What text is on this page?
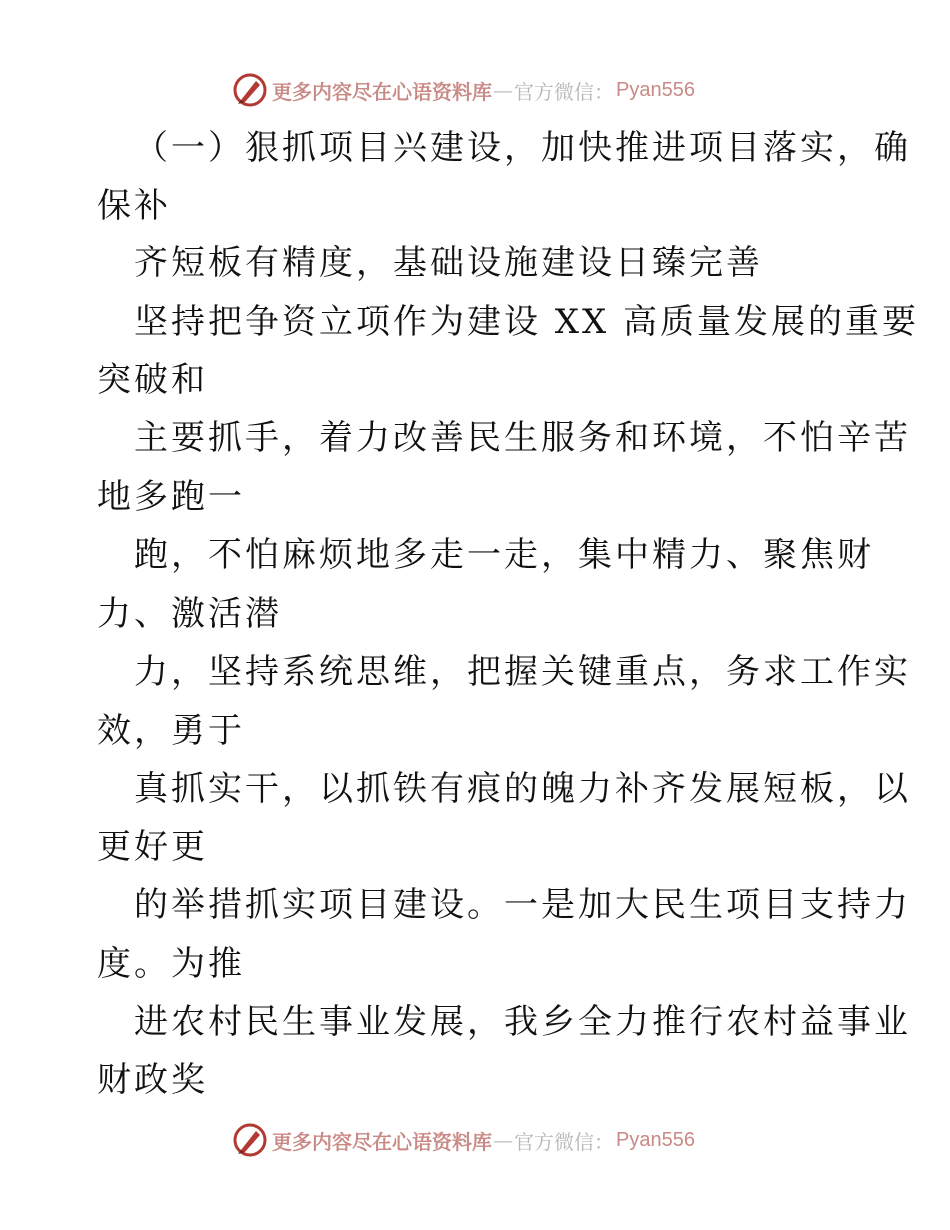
更多内容尽在心语资料库 — 官方微信： Pyan556
（一）狠抓项目兴建设，加快推进项目落实，确
保补
齐短板有精度，基础设施建设日臻完善
坚持把争资立项作为建设 XX 高质量发展的重要
突破和
主要抓手，着力改善民生服务和环境，不怕辛苦
地多跑一
跑，不怕麻烦地多走一走，集中精力、聚焦财
力、激活潜
力，坚持系统思维，把握关键重点，务求工作实
效，勇于
真抓实干，以抓铁有痕的魄力补齐发展短板，以
更好更
的举措抓实项目建设。一是加大民生项目支持力
度。为推
进农村民生事业发展，我乡全力推行农村益事业
财政奖
更多内容尽在心语资料库 — 官方微信： Pyan556
